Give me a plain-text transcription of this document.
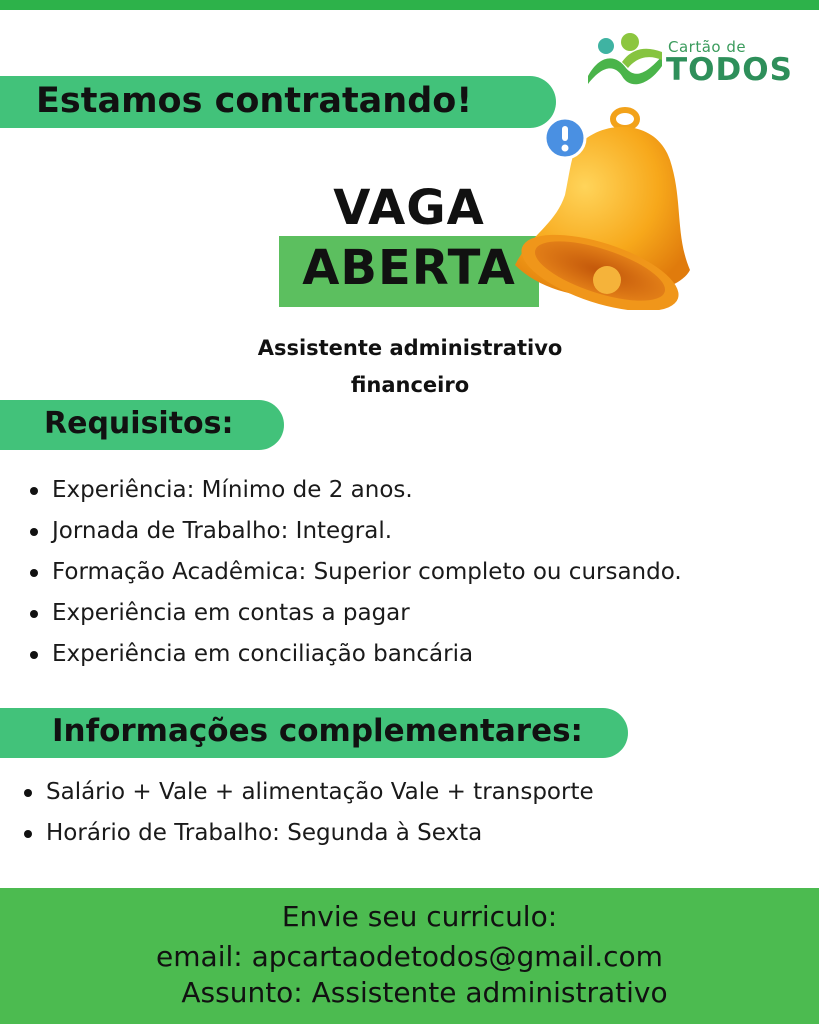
Cartão de
TODOS
Estamos contratando!
VAGA
ABERTA
Assistente administrativo
financeiro
Requisitos:
Experiência: Mínimo de 2 anos.
Jornada de Trabalho: Integral.
Formação Acadêmica: Superior completo ou cursando.
Experiência em contas a pagar
Experiência em conciliação bancária
Informações complementares:
Salário + Vale + alimentação Vale + transporte
Horário de Trabalho: Segunda à Sexta
Envie seu curriculo:
email: apcartaodetodos@gmail.com
Assunto: Assistente administrativo
